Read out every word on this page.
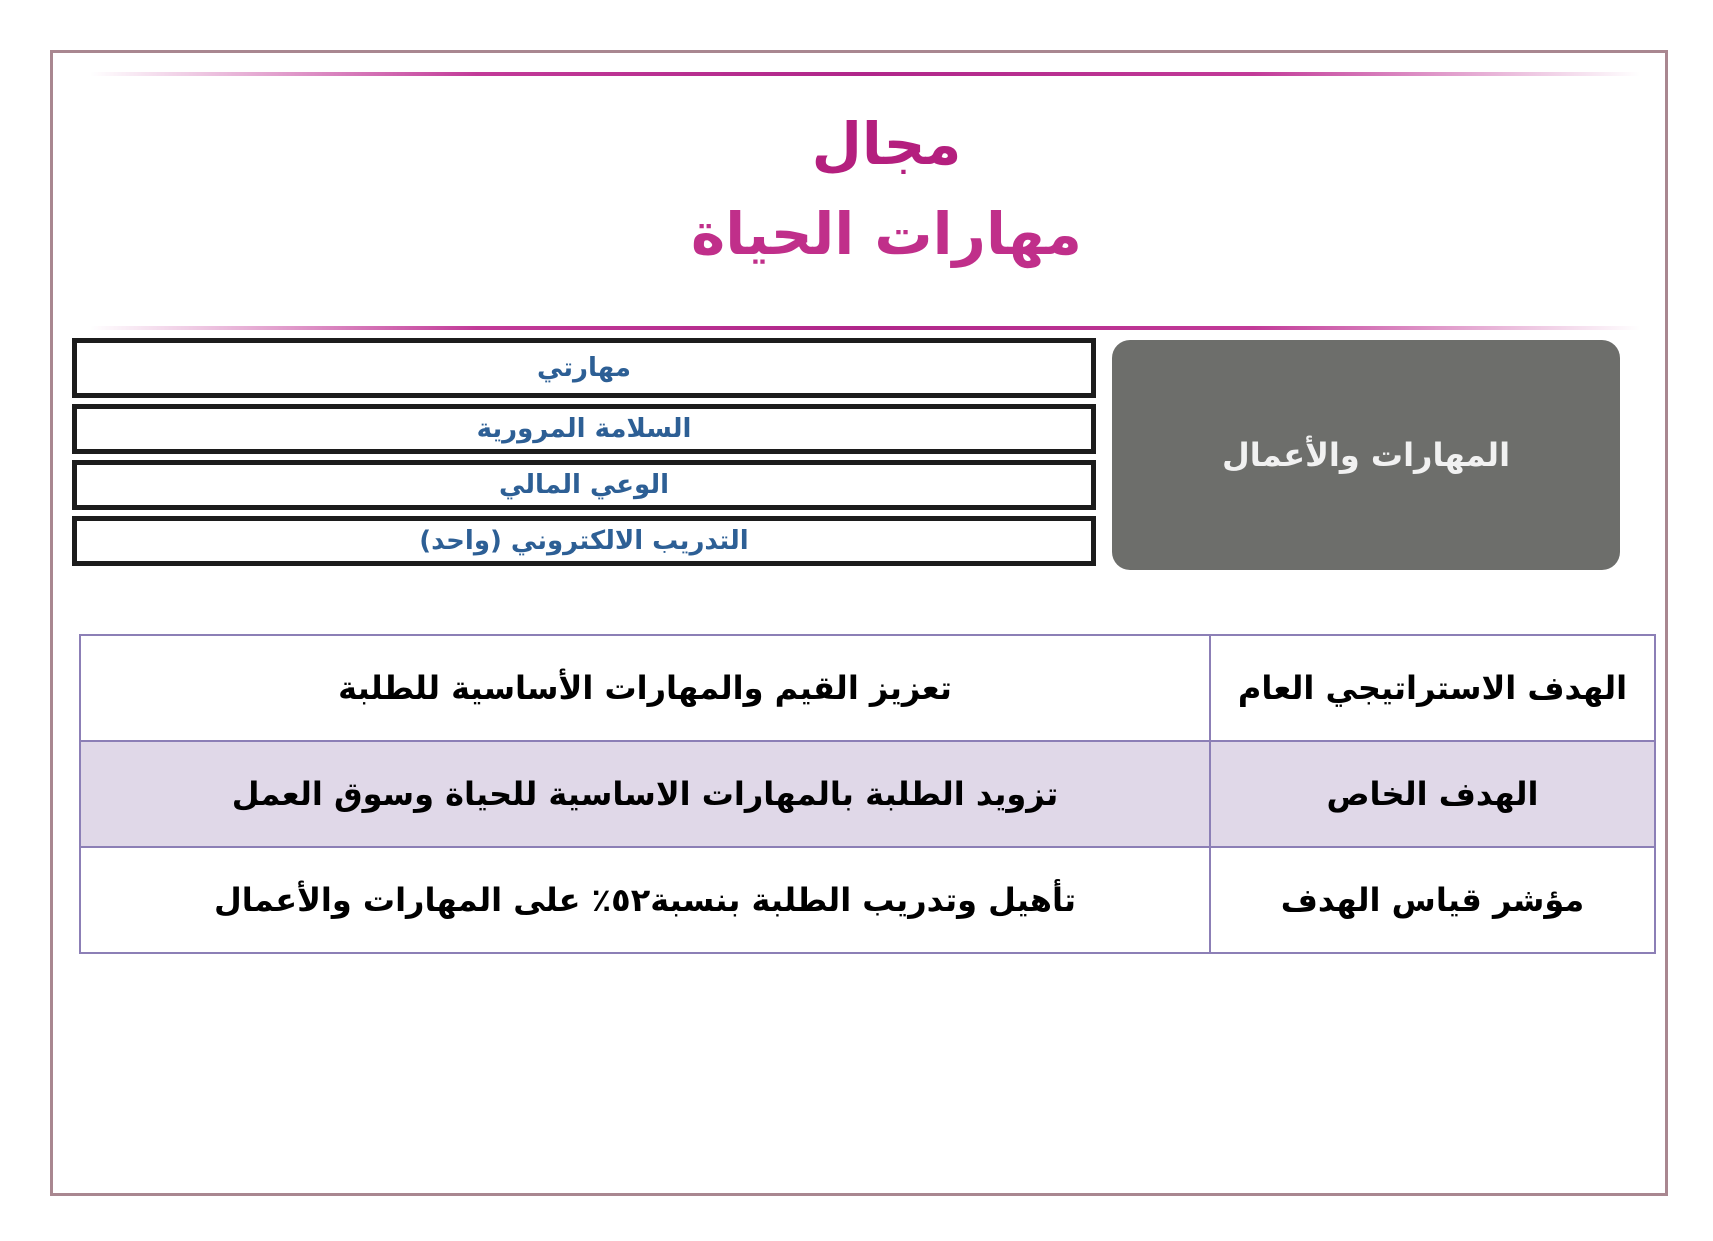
مجال
مهارات الحياة
مهارتي
السلامة المرورية
الوعي المالي
التدريب الالكتروني (واحد)
المهارات والأعمال
الهدف الاستراتيجي العام	تعزيز القيم والمهارات الأساسية للطلبة
الهدف الخاص	تزويد الطلبة بالمهارات الاساسية للحياة وسوق العمل
مؤشر قياس الهدف	تأهيل وتدريب الطلبة بنسبة٥٢٪ على المهارات والأعمال
